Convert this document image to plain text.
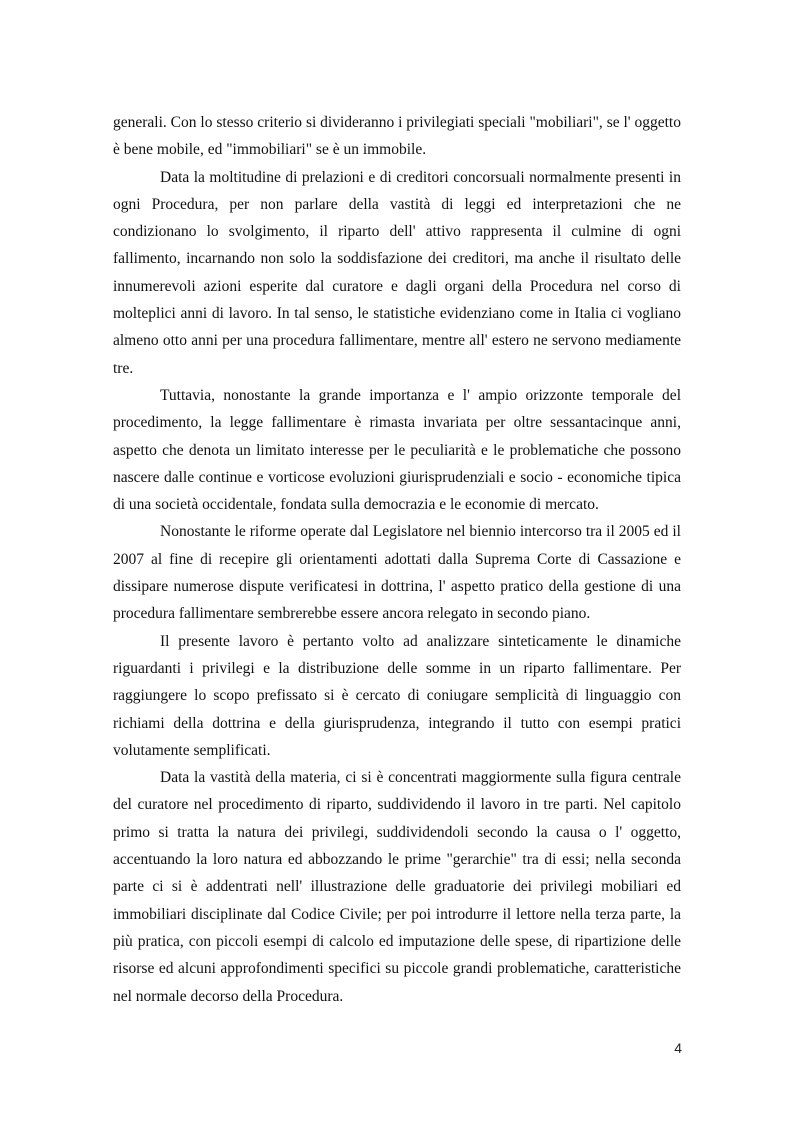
generali. Con lo stesso criterio si divideranno i privilegiati speciali "mobiliari", se l' oggetto è bene mobile, ed "immobiliari" se è un immobile.

Data la moltitudine di prelazioni e di creditori concorsuali normalmente presenti in ogni Procedura, per non parlare della vastità di leggi ed interpretazioni che ne condizionano lo svolgimento, il riparto dell' attivo rappresenta il culmine di ogni fallimento, incarnando non solo la soddisfazione dei creditori, ma anche il risultato delle innumerevoli azioni esperite dal curatore e dagli organi della Procedura nel corso di molteplici anni di lavoro. In tal senso, le statistiche evidenziano come in Italia ci vogliano almeno otto anni per una procedura fallimentare, mentre all' estero ne servono mediamente tre.

Tuttavia, nonostante la grande importanza e l' ampio orizzonte temporale del procedimento, la legge fallimentare è rimasta invariata per oltre sessantacinque anni, aspetto che denota un limitato interesse per le peculiarità e le problematiche che possono nascere dalle continue e vorticose evoluzioni giurisprudenziali e socio - economiche tipica di una società occidentale, fondata sulla democrazia e le economie di mercato.

Nonostante le riforme operate dal Legislatore nel biennio intercorso tra il 2005 ed il 2007 al fine di recepire gli orientamenti adottati dalla Suprema Corte di Cassazione e dissipare numerose dispute verificatesi in dottrina, l' aspetto pratico della gestione di una procedura fallimentare sembrerebbe essere ancora relegato in secondo piano.

Il presente lavoro è pertanto volto ad analizzare sinteticamente le dinamiche riguardanti i privilegi e la distribuzione delle somme in un riparto fallimentare. Per raggiungere lo scopo prefissato si è cercato di coniugare semplicità di linguaggio con richiami della dottrina e della giurisprudenza, integrando il tutto con esempi pratici volutamente semplificati.

Data la vastità della materia, ci si è concentrati maggiormente sulla figura centrale del curatore nel procedimento di riparto, suddividendo il lavoro in tre parti. Nel capitolo primo si tratta la natura dei privilegi, suddividendoli secondo la causa o l' oggetto, accentuando la loro natura ed abbozzando le prime "gerarchie" tra di essi; nella seconda parte ci si è addentrati nell' illustrazione delle graduatorie dei privilegi mobiliari ed immobiliari disciplinate dal Codice Civile; per poi introdurre il lettore nella terza parte, la più pratica, con piccoli esempi di calcolo ed imputazione delle spese, di ripartizione delle risorse ed alcuni approfondimenti specifici su piccole grandi problematiche, caratteristiche nel normale decorso della Procedura.

4
